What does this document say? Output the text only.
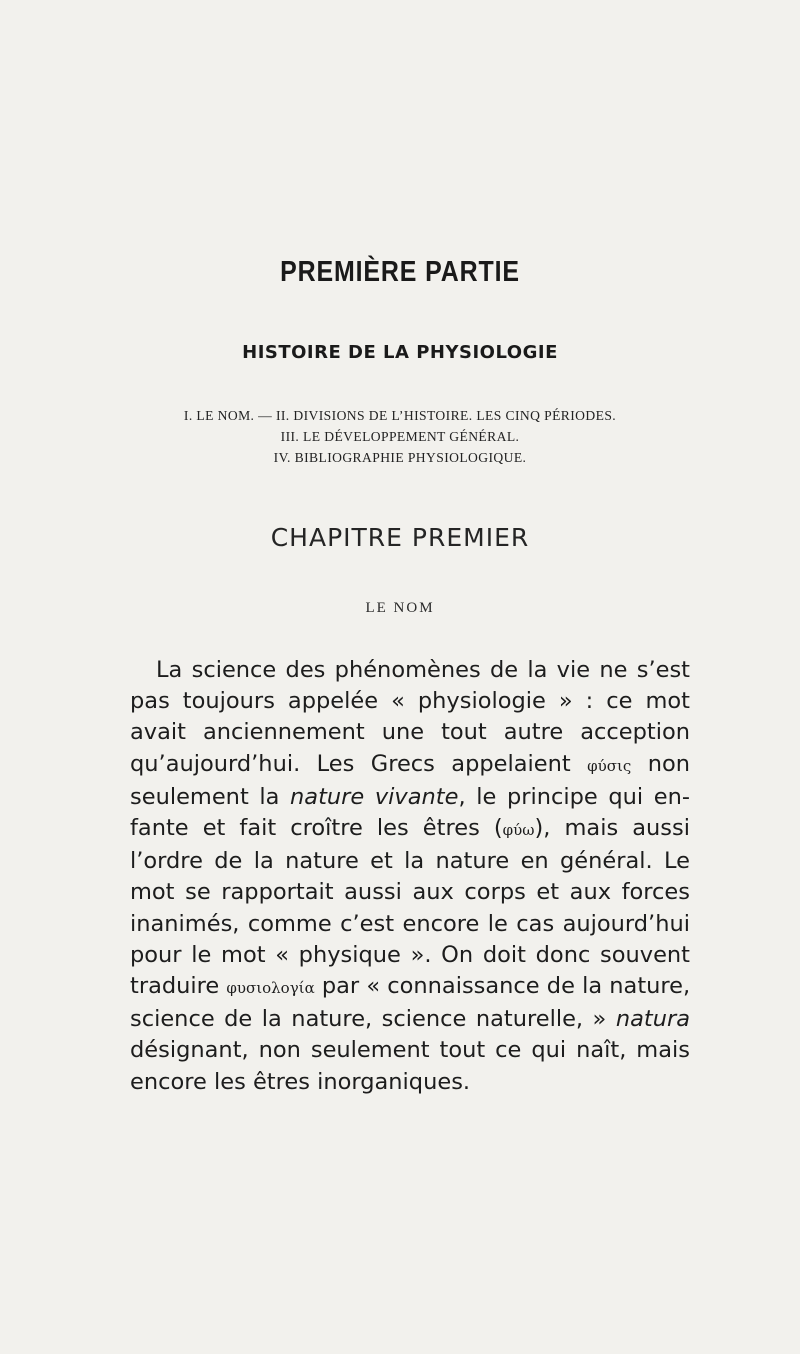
PREMIÈRE PARTIE
HISTOIRE DE LA PHYSIOLOGIE
I. LE NOM. — II. DIVISIONS DE L’HISTOIRE. LES CINQ PÉRIODES.
III. LE DÉVELOPPEMENT GÉNÉRAL.
IV. BIBLIOGRAPHIE PHYSIOLOGIQUE.
CHAPITRE PREMIER
LE NOM
La science des phénomènes de la vie ne s’est
pas toujours appelée « physiologie » : ce mot
avait anciennement une tout autre acception
qu’aujourd’hui. Les Grecs appelaient φύσις non
seulement la nature vivante, le principe qui en-
fante et fait croître les êtres (φύω), mais aussi
l’ordre de la nature et la nature en général. Le
mot se rapportait aussi aux corps et aux forces
inanimés, comme c’est encore le cas aujourd’hui
pour le mot « physique ». On doit donc souvent
traduire φυσιολογία par « connaissance de la nature,
science de la nature, science naturelle, » natura
désignant, non seulement tout ce qui naît, mais
encore les êtres inorganiques.
